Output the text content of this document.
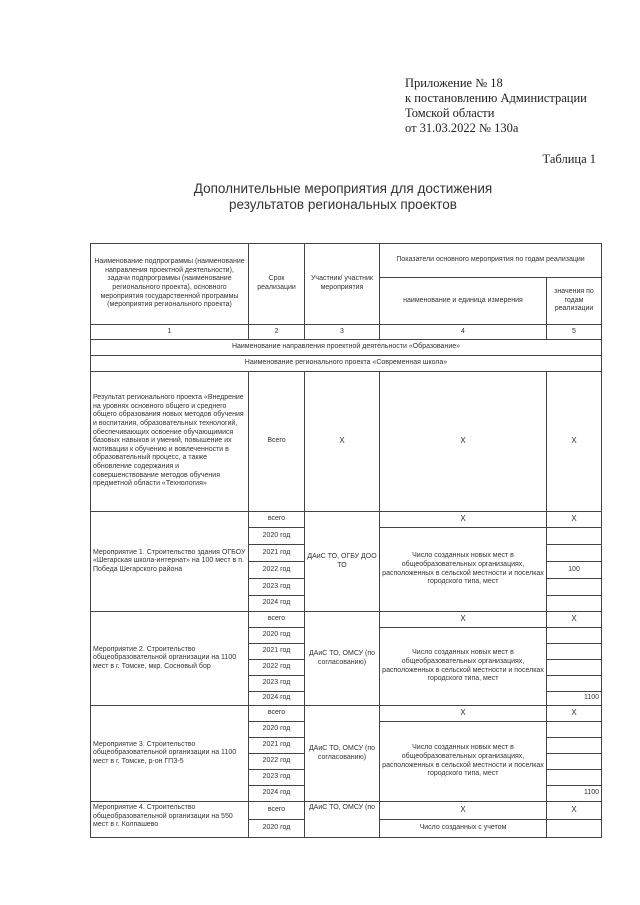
Приложение № 18
к постановлению Администрации
Томской области
от 31.03.2022 № 130а
Таблица 1
Дополнительные мероприятия для достижения
результатов региональных проектов
Наименование подпрограммы (наименование направления проектной деятельности), задачи подпрограммы (наименование регионального проекта), основного мероприятия государственной программы (мероприятия регионального проекта)	Срок реализации	Участник/ участник мероприятия	Показатели основного мероприятия по годам реализации	
			наименование и единица измерения	значения по годам реализации
1	2	3	4	5
Наименование направления проектной деятельности «Образование»				
Наименование регионального проекта «Современная школа»				
Результат регионального проекта «Внедрение на уровнях основного общего и среднего общего образования новых методов обучения и воспитания, образовательных технологий, обеспечивающих освоение обучающимися базовых навыков и умений, повышение их мотивации к обучению и вовлеченности в образовательный процесс, а также обновление содержания и совершенствование методов обучения предметной области «Технология»	Всего	Х	Х	Х
Мероприятие 1. Строительство здания ОГБОУ «Шегарская школа-интернат» на 100 мест в п. Победа Шегарского района	всего	ДАиС ТО, ОГБУ ДОО ТО	Х	Х
	2020 год		Число созданных новых мест в общеобразовательных организациях, расположенных в сельской местности и поселках городского типа, мест	
	2021 год			
	2022 год			100
	2023 год			
	2024 год			
Мероприятие 2. Строительство общеобразовательной организации на 1100 мест в г. Томске, мкр. Сосновый бор	всего	ДАиС ТО, ОМСУ (по согласованию)	Х	Х
	2020 год		Число созданных новых мест в общеобразовательных организациях, расположенных в сельской местности и поселках городского типа, мест	
	2021 год			
	2022 год			
	2023 год			
	2024 год			1100
Мероприятие 3. Строительство общеобразовательной организации на 1100 мест в г. Томске, р-он ГПЗ-5	всего	ДАиС ТО, ОМСУ (по согласованию)	Х	Х
	2020 год		Число созданных новых мест в общеобразовательных организациях, расположенных в сельской местности и поселках городского типа, мест	
	2021 год			
	2022 год			
	2023 год			
	2024 год			1100
Мероприятие 4. Строительство общеобразовательной организации на 550 мест в г. Колпашево	всего	ДАиС ТО, ОМСУ (по	Х	Х
	2020 год		Число созданных с учетом	
